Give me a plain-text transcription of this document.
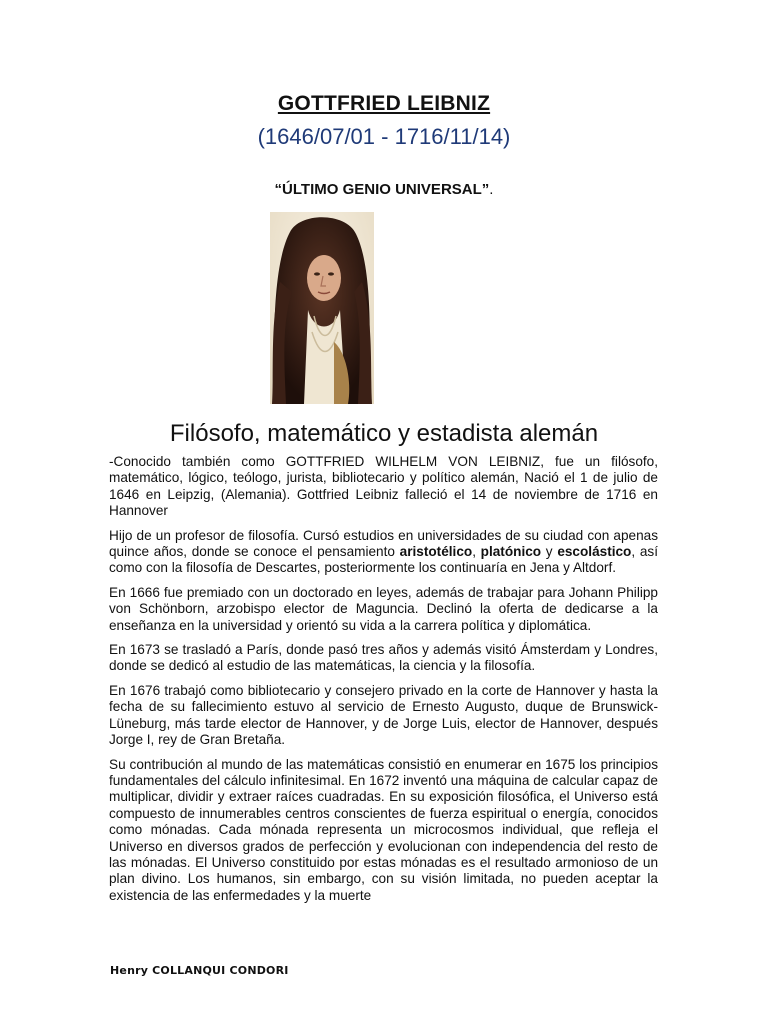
GOTTFRIED LEIBNIZ
(1646/07/01 - 1716/11/14)
“ÚLTIMO GENIO UNIVERSAL”.
Filósofo, matemático y estadista alemán

-Conocido también como GOTTFRIED WILHELM VON LEIBNIZ, fue un filósofo, matemático, lógico, teólogo, jurista, bibliotecario y político alemán, Nació el 1 de julio de 1646 en Leipzig, (Alemania). Gottfried Leibniz falleció el 14 de noviembre de 1716 en Hannover

Hijo de un profesor de filosofía. Cursó estudios en universidades de su ciudad con apenas quince años, donde se conoce el pensamiento aristotélico, platónico y escolástico, así como con la filosofía de Descartes, posteriormente los continuaría en Jena y Altdorf.

En 1666 fue premiado con un doctorado en leyes, además de trabajar para Johann Philipp von Schönborn, arzobispo elector de Maguncia. Declinó la oferta de dedicarse a la enseñanza en la universidad y orientó su vida a la carrera política y diplomática.

En 1673 se trasladó a París, donde pasó tres años y además visitó Ámsterdam y Londres, donde se dedicó al estudio de las matemáticas, la ciencia y la filosofía.

En 1676 trabajó como bibliotecario y consejero privado en la corte de Hannover y hasta la fecha de su fallecimiento estuvo al servicio de Ernesto Augusto, duque de Brunswick-Lüneburg, más tarde elector de Hannover, y de Jorge Luis, elector de Hannover, después Jorge I, rey de Gran Bretaña.

Su contribución al mundo de las matemáticas consistió en enumerar en 1675 los principios fundamentales del cálculo infinitesimal. En 1672 inventó una máquina de calcular capaz de multiplicar, dividir y extraer raíces cuadradas. En su exposición filosófica, el Universo está compuesto de innumerables centros conscientes de fuerza espiritual o energía, conocidos como mónadas. Cada mónada representa un microcosmos individual, que refleja el Universo en diversos grados de perfección y evolucionan con independencia del resto de las mónadas. El Universo constituido por estas mónadas es el resultado armonioso de un plan divino. Los humanos, sin embargo, con su visión limitada, no pueden aceptar la existencia de las enfermedades y la muerte

Henry COLLANQUI CONDORI
